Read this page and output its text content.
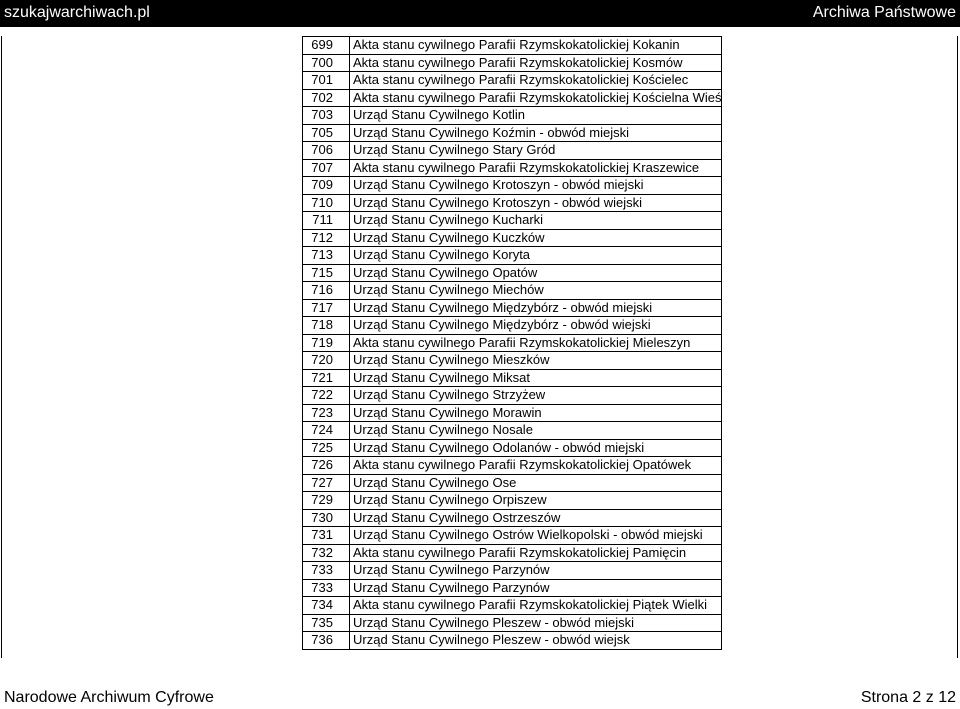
szukajwarchiwach.pl	Archiwa Państwowe
699	Akta stanu cywilnego Parafii Rzymskokatolickiej Kokanin
700	Akta stanu cywilnego Parafii Rzymskokatolickiej Kosmów
701	Akta stanu cywilnego Parafii Rzymskokatolickiej Kościelec
702	Akta stanu cywilnego Parafii Rzymskokatolickiej Kościelna Wieś
703	Urząd Stanu Cywilnego Kotlin
705	Urząd Stanu Cywilnego Koźmin - obwód miejski
706	Urząd Stanu Cywilnego Stary Gród
707	Akta stanu cywilnego Parafii Rzymskokatolickiej Kraszewice
709	Urząd Stanu Cywilnego Krotoszyn - obwód miejski
710	Urząd Stanu Cywilnego Krotoszyn - obwód wiejski
711	Urząd Stanu Cywilnego Kucharki
712	Urząd Stanu Cywilnego Kuczków
713	Urząd Stanu Cywilnego Koryta
715	Urząd Stanu Cywilnego Opatów
716	Urząd Stanu Cywilnego Miechów
717	Urząd Stanu Cywilnego Międzybórz - obwód miejski
718	Urząd Stanu Cywilnego Międzybórz - obwód wiejski
719	Akta stanu cywilnego Parafii Rzymskokatolickiej Mieleszyn
720	Urząd Stanu Cywilnego Mieszków
721	Urząd Stanu Cywilnego Miksat
722	Urząd Stanu Cywilnego Strzyżew
723	Urząd Stanu Cywilnego Morawin
724	Urząd Stanu Cywilnego Nosale
725	Urząd Stanu Cywilnego Odolanów - obwód miejski
726	Akta stanu cywilnego Parafii Rzymskokatolickiej Opatówek
727	Urząd Stanu Cywilnego Ose
729	Urząd Stanu Cywilnego Orpiszew
730	Urząd Stanu Cywilnego Ostrzeszów
731	Urząd Stanu Cywilnego Ostrów Wielkopolski - obwód miejski
732	Akta stanu cywilnego Parafii Rzymskokatolickiej Pamięcin
733	Urząd Stanu Cywilnego Parzynów
733	Urząd Stanu Cywilnego Parzynów
734	Akta stanu cywilnego Parafii Rzymskokatolickiej Piątek Wielki
735	Urząd Stanu Cywilnego Pleszew - obwód miejski
736	Urząd Stanu Cywilnego Pleszew - obwód wiejsk
Narodowe Archiwum Cyfrowe	Strona 2 z 12
